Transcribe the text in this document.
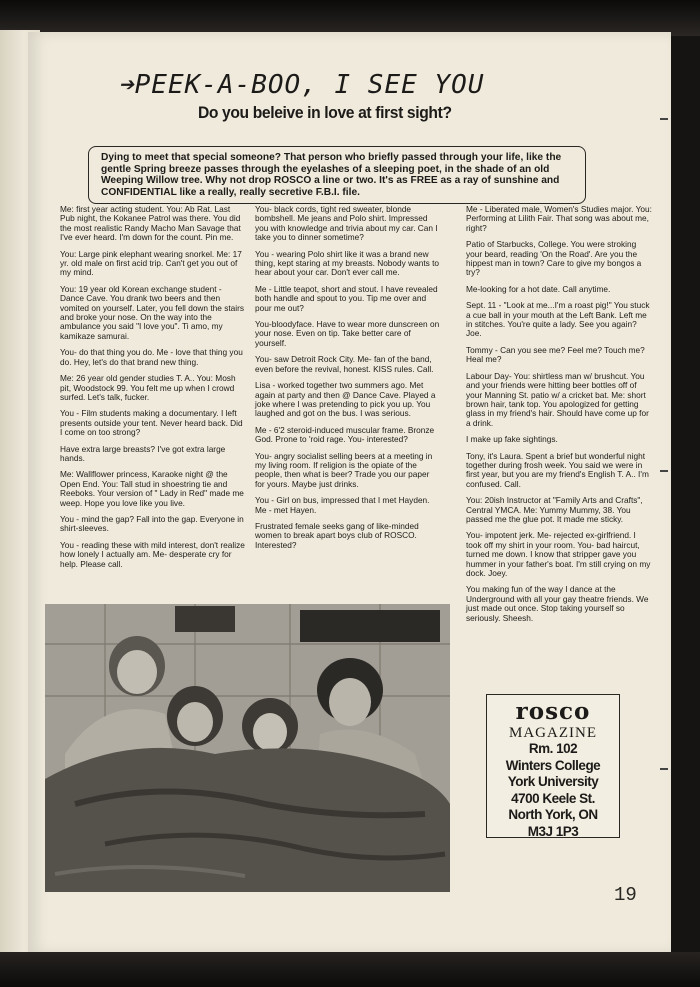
➔PEEK-A-BOO, I SEE YOU
Do you beleive in love at first sight?
Dying to meet that special someone? That person who briefly passed through your life, like the gentle Spring breeze passes through the eyelashes of a sleeping poet, in the shade of an old Weeping Willow tree. Why not drop ROSCO a line or two. It's as FREE as a ray of sunshine and CONFIDENTIAL like a really, really secretive F.B.I. file.

Me: first year acting student. You: Ab Rat. Last Pub night, the Kokanee Patrol was there. You did the most realistic Randy Macho Man Savage that I've ever heard. I'm down for the count. Pin me.

You: Large pink elephant wearing snorkel. Me: 17 yr. old male on first acid trip. Can't get you out of my mind.

You: 19 year old Korean exchange student - Dance Cave. You drank two beers and then vomited on yourself. Later, you fell down the stairs and broke your nose. On the way into the ambulance you said "I love you". Ti amo, my kamikaze samurai.

You- do that thing you do. Me - love that thing you do. Hey, let's do that brand new thing.

Me: 26 year old gender studies T. A.. You: Mosh pit, Woodstock 99. You felt me up when I crowd surfed. Let's talk, fucker.

You - Film students making a documentary. I left presents outside your tent. Never heard back. Did I come on too strong?

Have extra large breasts? I've got extra large hands.

Me: Wallflower princess, Karaoke night @ the Open End. You: Tall stud in shoestring tie and Reeboks. Your version of " Lady in Red" made me weep. Hope you love like you live.

You - mind the gap? Fall into the gap. Everyone in shirt-sleeves.

You - reading these with mild interest, don't realize how lonely I actually am. Me- desperate cry for help. Please call.

You- black cords, tight red sweater, blonde bombshell. Me jeans and Polo shirt. Impressed you with knowledge and trivia about my car. Can I take you to dinner sometime?

You - wearing Polo shirt like it was a brand new thing, kept staring at my breasts. Nobody wants to hear about your car. Don't ever call me.

Me - Little teapot, short and stout. I have revealed both handle and spout to you. Tip me over and pour me out?

You-bloodyface. Have to wear more dunscreen on your nose. Even on tip. Take better care of yourself.

You- saw Detroit Rock City. Me- fan of the band, even before the revival, honest. KISS rules. Call.

Lisa - worked together two summers ago. Met again at party and then @ Dance Cave. Played a joke where I was pretending to pick you up. You laughed and got on the bus. I was serious.

Me - 6'2 steroid-induced muscular frame. Bronze God. Prone to 'roid rage. You- interested?

You- angry socialist selling beers at a meeting in my living room. If religion is the opiate of the people, then what is beer? Trade you our paper for yours. Maybe just drinks.

You - Girl on bus, impressed that I met Hayden. Me - met Hayen.

Frustrated female seeks gang of like-minded women to break apart boys club of ROSCO. Interested?

Me - Liberated male, Women's Studies major. You: Performing at Lilith Fair. That song was about me, right?

Patio of Starbucks, College. You were stroking your beard, reading 'On the Road'. Are you the hippest man in town? Care to give my bongos a try?

Me-looking for a hot date. Call anytime.

Sept. 11 - "Look at me...I'm a roast pig!" You stuck a cue ball in your mouth at the Left Bank. Left me in stitches. You're quite a lady. See you again? Joe.

Tommy - Can you see me? Feel me? Touch me? Heal me?

Labour Day- You: shirtless man w/ brushcut. You and your friends were hitting beer bottles off of your Manning St. patio w/ a cricket bat. Me: short brown hair, tank top. You apologized for getting glass in my friend's hair. Should have come up for a drink.

I make up fake sightings.

Tony, it's Laura. Spent a brief but wonderful night together during frosh week. You said we were in first year, but you are my friend's English T. A.. I'm confused. Call.

You: 20ish Instructor at "Family Arts and Crafts", Central YMCA. Me: Yummy Mummy, 38. You passed me the glue pot. It made me sticky.

You- impotent jerk. Me- rejected ex-girlfriend. I took off my shirt in your room. You- bad haircut, turned me down. I know that stripper gave you hummer in your father's boat. I'm still crying on my dock. Joey.

You making fun of the way I dance at the Underground with all your gay theatre friends. We just made out once. Stop taking yourself so seriously. Sheesh.

rosco
MAGAZINE
Rm. 102
Winters College
York University
4700 Keele St.
North York, ON
M3J 1P3
19
